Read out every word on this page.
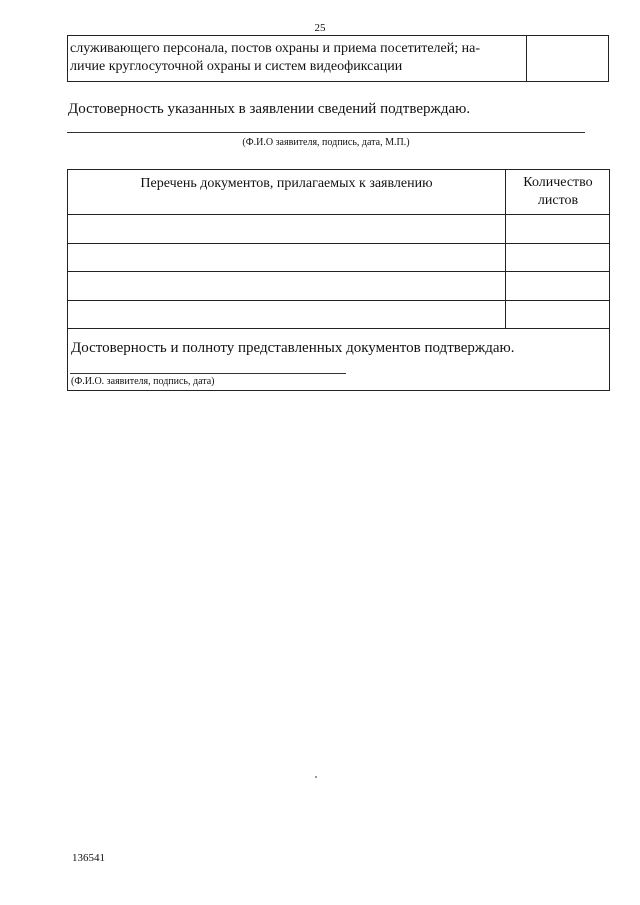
25
служивающего персонала, постов охраны и приема посетителей; на-
личие круглосуточной охраны и систем видеофиксации
Достоверность указанных в заявлении сведений подтверждаю.
(Ф.И.О заявителя, подпись, дата, М.П.)
Перечень документов, прилагаемых к заявлению	Количество
листов
Достоверность и полноту представленных документов подтверждаю.
(Ф.И.О. заявителя, подпись, дата)
136541
